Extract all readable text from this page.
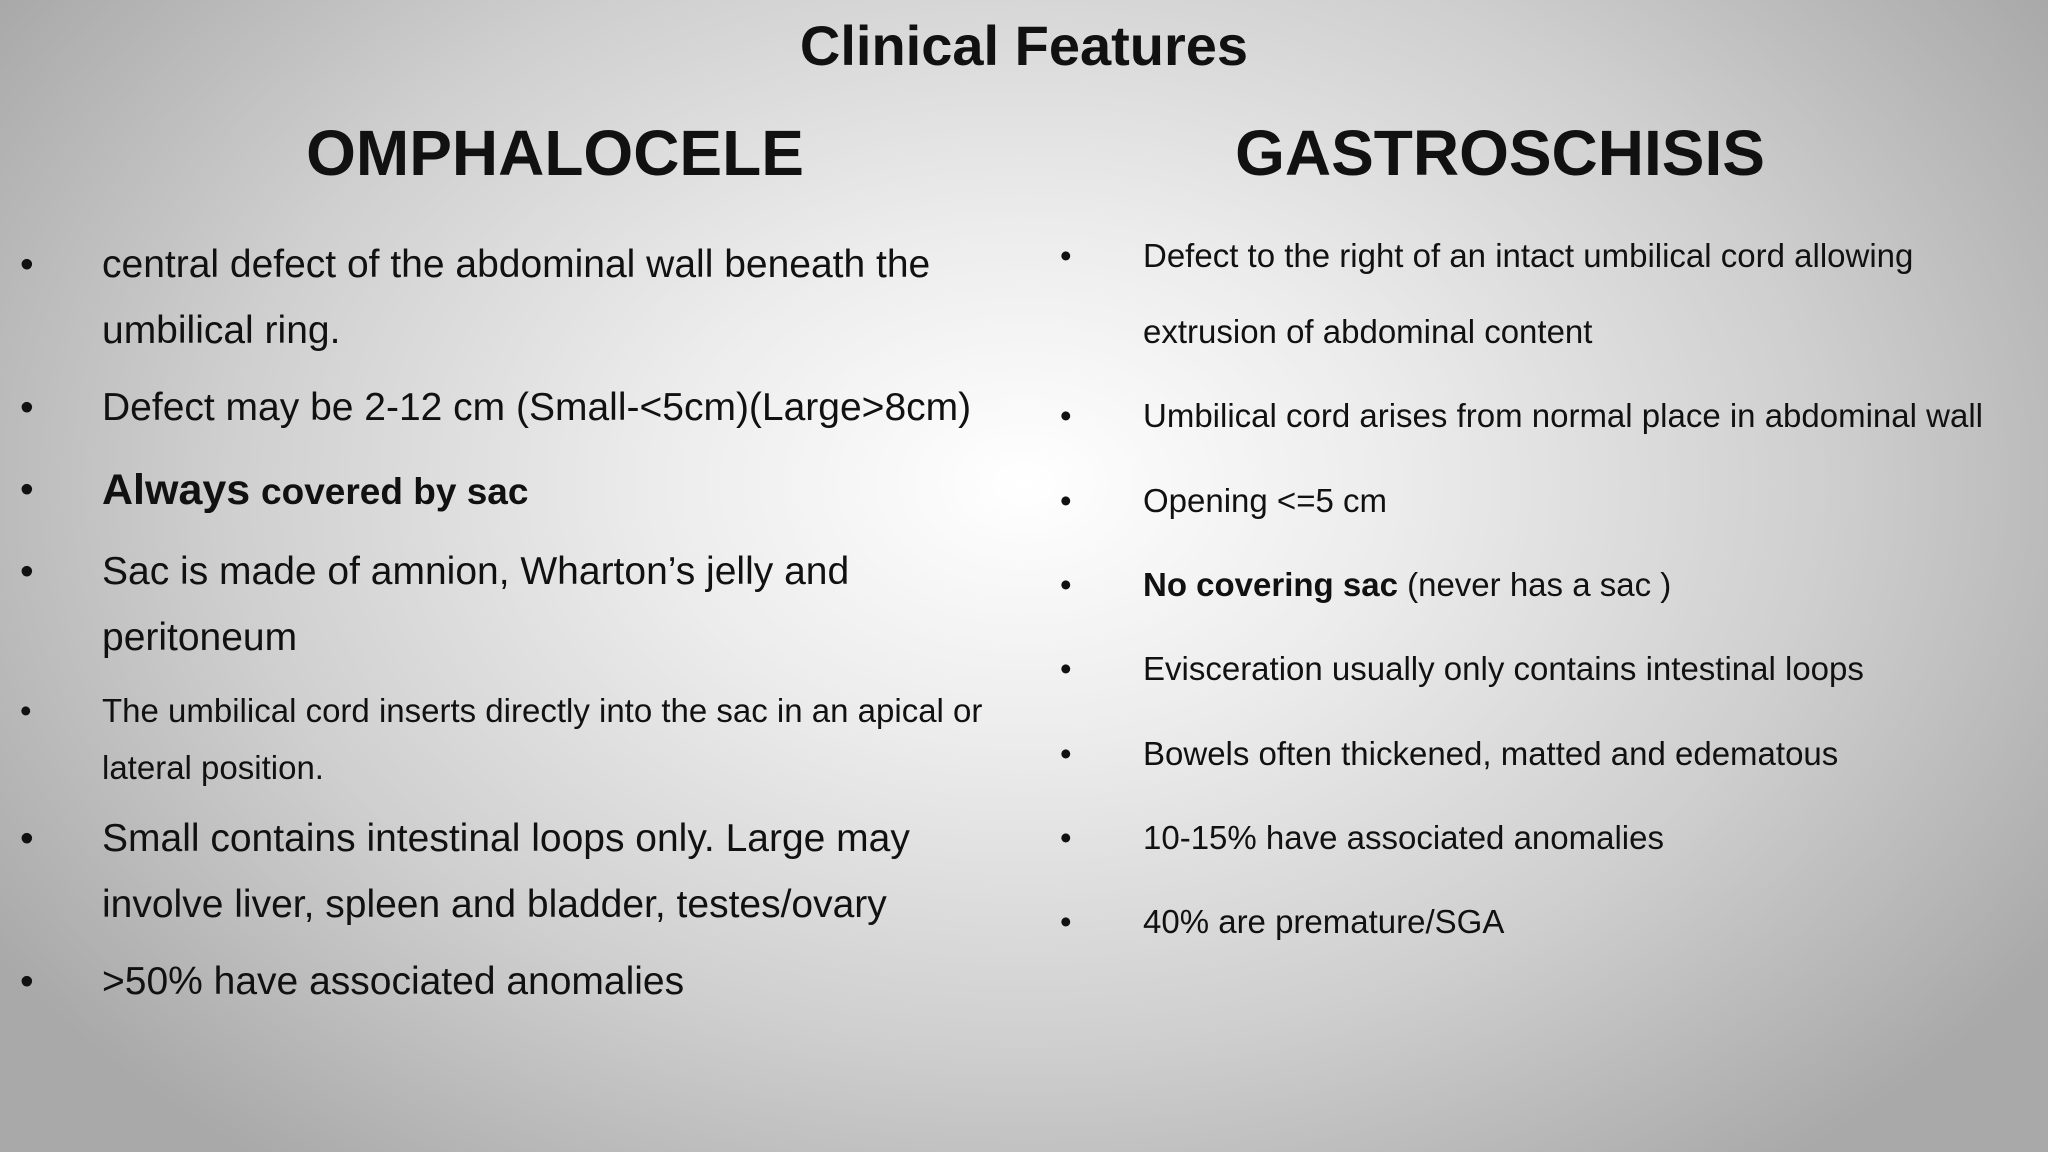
Clinical Features
OMPHALOCELE	GASTROSCHISIS

• central defect of the abdominal wall beneath the umbilical ring.

• Defect may be 2-12 cm (Small-<5cm)(Large>8cm)

• Always covered by sac

• Sac is made of amnion, Wharton’s jelly and peritoneum

• The umbilical cord inserts directly into the sac in an apical or lateral position.

• Small contains intestinal loops only. Large may involve liver, spleen and bladder, testes/ovary

• >50% have associated anomalies

• Defect to the right of an intact umbilical cord allowing extrusion of abdominal content

• Umbilical cord arises from normal place in abdominal wall

• Opening <=5 cm

• No covering sac (never has a sac )

• Evisceration usually only contains intestinal loops

• Bowels often thickened, matted and edematous

• 10-15% have associated anomalies

• 40% are premature/SGA
